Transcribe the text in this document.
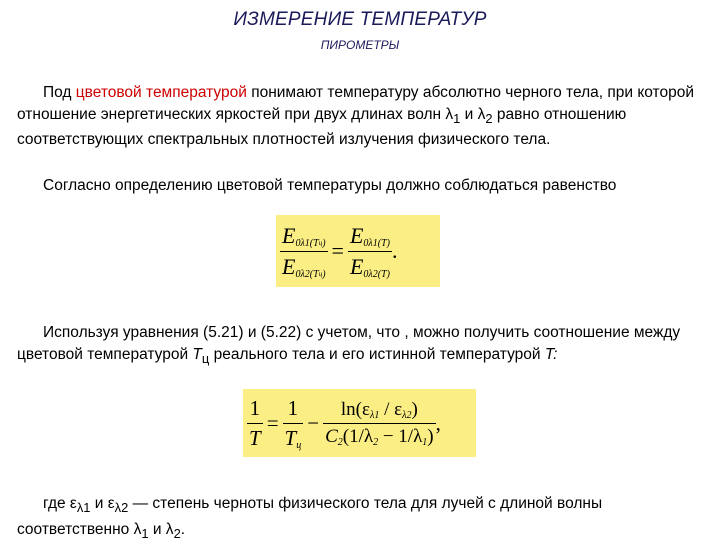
ИЗМЕРЕНИЕ ТЕМПЕРАТУР
ПИРОМЕТРЫ

Под цветовой температурой понимают температуру абсолютно черного тела, при которой отношение энергетических яркостей при двух длинах волн $\lambda_1$ и $\lambda_2$ равно отношению соответствующих спектральных плотностей излучения физического тела.

Согласно определению цветовой температуры должно соблюдаться равенство

$\frac{E_{0\lambda 1(T}ц_)}{E_{0\lambda 2(T}ц_)} = \frac{E_{0\lambda 1(T)}}{E_{0\lambda 2(T)}}$ .

Используя уравнения (5.21) и (5.22) с учетом, что , можно получить соотношение между цветовой температурой $T_ц$ реального тела и его истинной температурой T:

$\frac{1}{T} = \frac{1}{T_ц} - \frac{\ln(\varepsilon_{\lambda 1} / \varepsilon_{\lambda 2})}{C_2(1/\lambda_2 - 1/\lambda_1)}$ ,

где $\varepsilon_{\lambda 1}$ и $\varepsilon_{\lambda 2}$ — степень черноты физического тела для лучей с длиной волны соответственно $\lambda_1$ и $\lambda_2$.
